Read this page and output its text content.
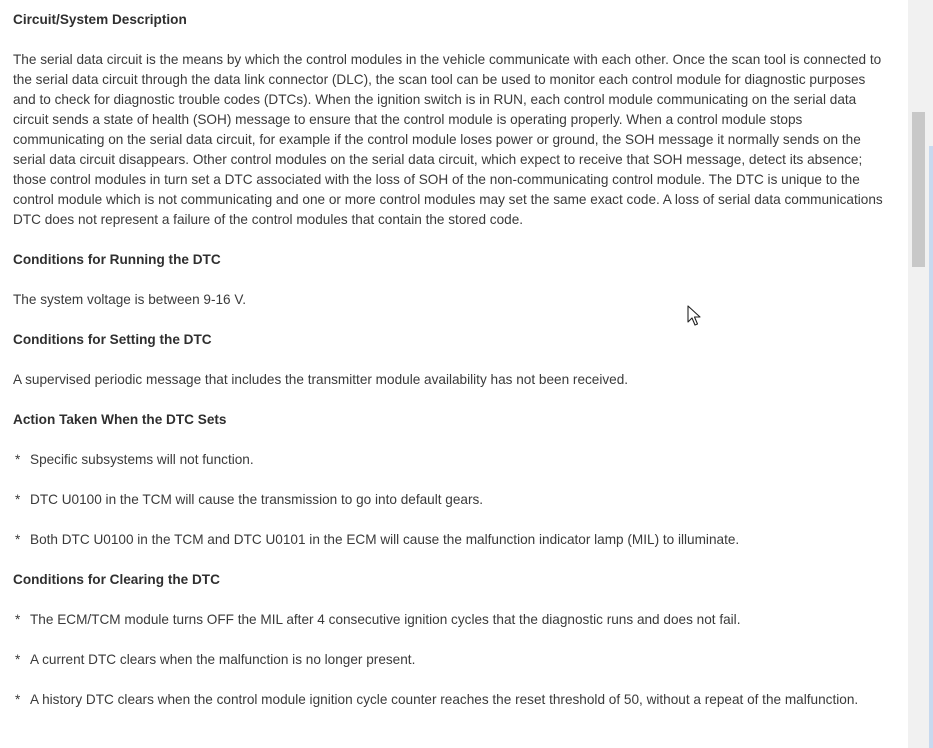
Circuit/System Description
The serial data circuit is the means by which the control modules in the vehicle communicate with each other. Once the scan tool is connected to the serial data circuit through the data link connector (DLC), the scan tool can be used to monitor each control module for diagnostic purposes and to check for diagnostic trouble codes (DTCs). When the ignition switch is in RUN, each control module communicating on the serial data circuit sends a state of health (SOH) message to ensure that the control module is operating properly. When a control module stops communicating on the serial data circuit, for example if the control module loses power or ground, the SOH message it normally sends on the serial data circuit disappears. Other control modules on the serial data circuit, which expect to receive that SOH message, detect its absence; those control modules in turn set a DTC associated with the loss of SOH of the non-communicating control module. The DTC is unique to the control module which is not communicating and one or more control modules may set the same exact code. A loss of serial data communications DTC does not represent a failure of the control modules that contain the stored code.
Conditions for Running the DTC
The system voltage is between 9-16 V.
Conditions for Setting the DTC
A supervised periodic message that includes the transmitter module availability has not been received.
Action Taken When the DTC Sets
* Specific subsystems will not function.
* DTC U0100 in the TCM will cause the transmission to go into default gears.
* Both DTC U0100 in the TCM and DTC U0101 in the ECM will cause the malfunction indicator lamp (MIL) to illuminate.
Conditions for Clearing the DTC
* The ECM/TCM module turns OFF the MIL after 4 consecutive ignition cycles that the diagnostic runs and does not fail.
* A current DTC clears when the malfunction is no longer present.
* A history DTC clears when the control module ignition cycle counter reaches the reset threshold of 50, without a repeat of the malfunction.
